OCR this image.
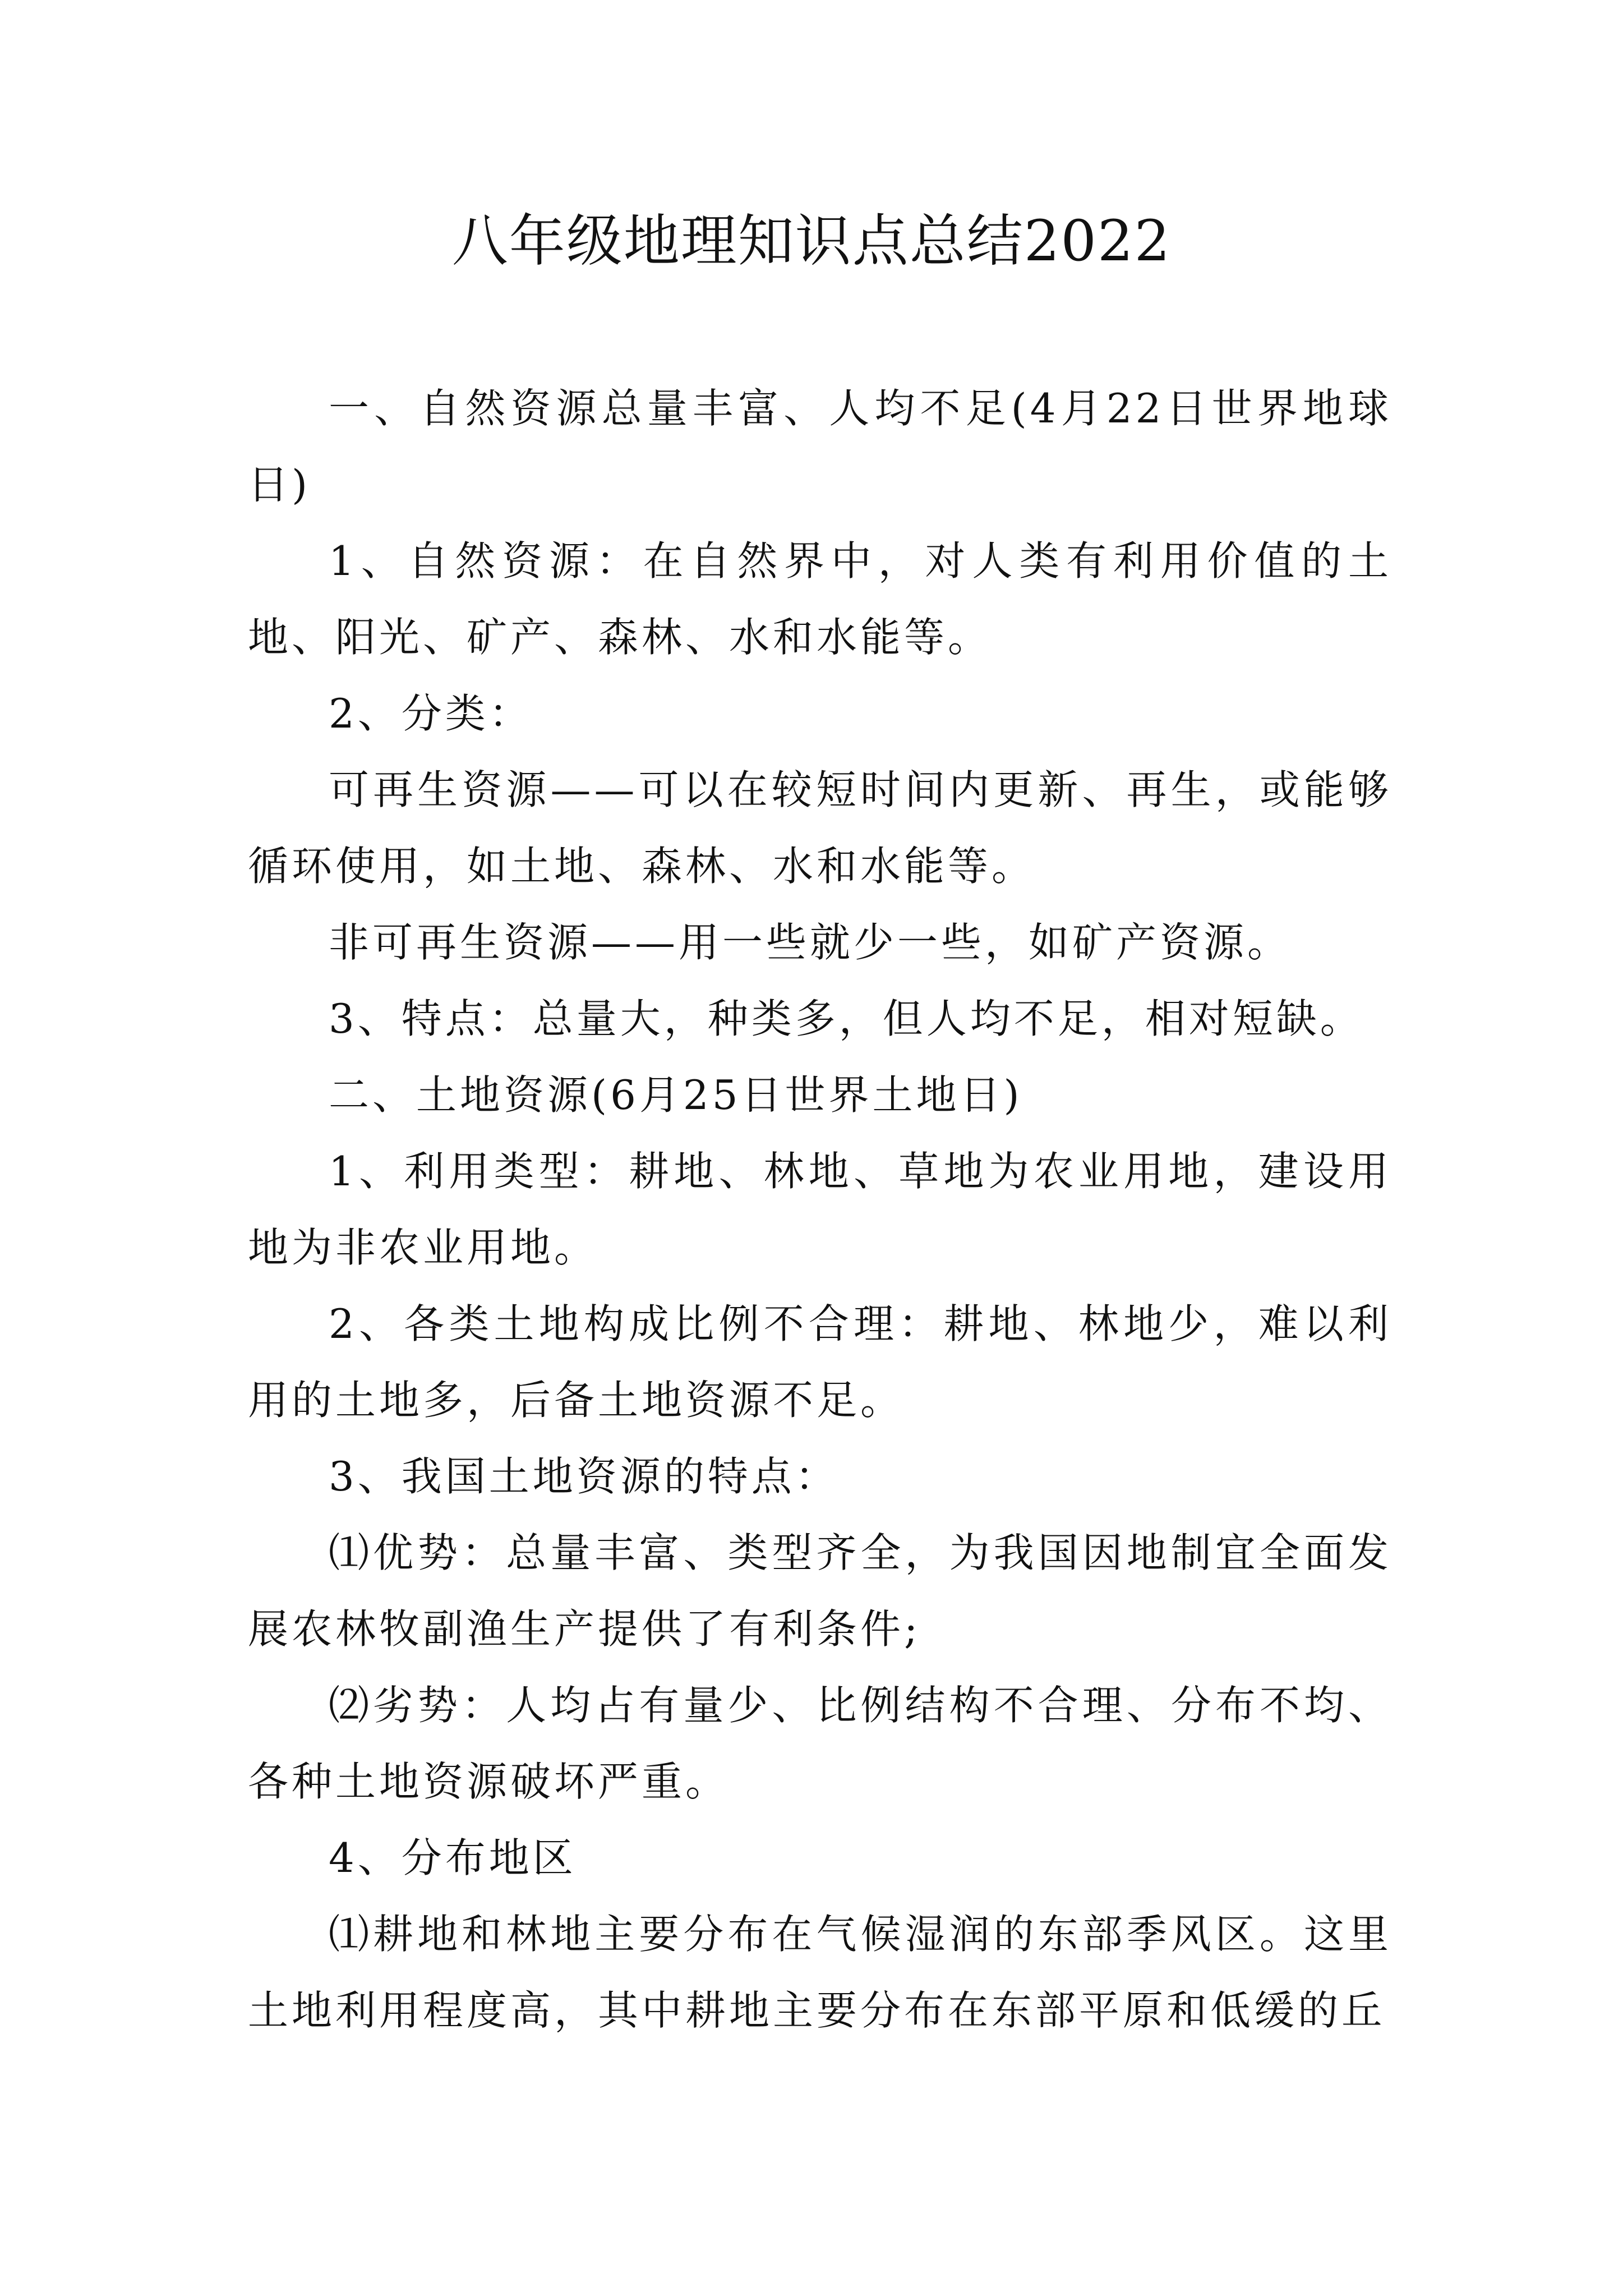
八年级地理知识点总结2022

一、自然资源总量丰富、人均不足(4月22日世界地球日)

1、自然资源：在自然界中，对人类有利用价值的土地、阳光、矿产、森林、水和水能等。

2、分类：

可再生资源——可以在较短时间内更新、再生，或能够循环使用，如土地、森林、水和水能等。

非可再生资源——用一些就少一些，如矿产资源。

3、特点：总量大，种类多，但人均不足，相对短缺。

二、土地资源(6月25日世界土地日)

1、利用类型：耕地、林地、草地为农业用地，建设用地为非农业用地。

2、各类土地构成比例不合理：耕地、林地少，难以利用的土地多，后备土地资源不足。

3、我国土地资源的特点：

⑴优势：总量丰富、类型齐全，为我国因地制宜全面发展农林牧副渔生产提供了有利条件;

⑵劣势：人均占有量少、比例结构不合理、分布不均、各种土地资源破坏严重。

4、分布地区

⑴耕地和林地主要分布在气候湿润的东部季风区。这里土地利用程度高，其中耕地主要分布在东部平原和低缓的丘
